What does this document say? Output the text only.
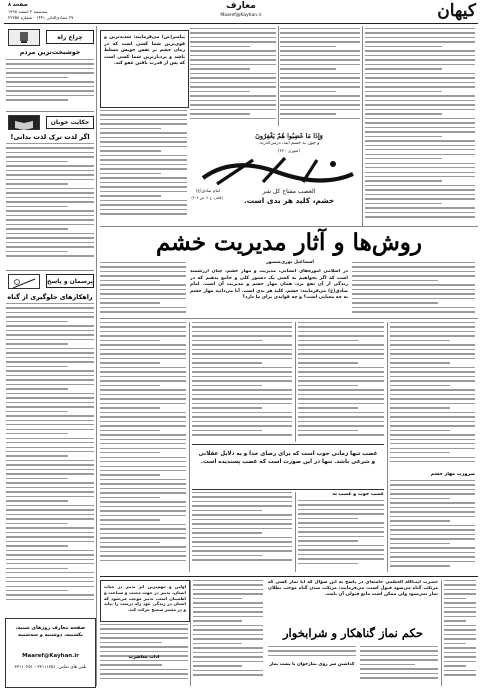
کیهان
معارف
Maaref@Kayhan.ir
صفحه ۸
سه‌شنبه ۲ اسفند ۱۳۹۸
۲۷ جمادی‌الثانی ۱۴۴۱ - شماره ۲۲۳۵۸
چراغ راه
خوشبخت‌ترین مردم
حکایت خوبان
اگر لذت ترک لذت بدانی!
پرسمان و پاسخ
راهکارهای جلوگیری از گناه
صفحه معارف روزهای شنبه، یکشنبه، دوشنبه و سه‌شنبه
Maaref@Kayhan.ir
تلفن های تماس: ۳۳۱۱۱۳۵۱ - ۳۳۱۱۰۲۵۱
پیامبر(ص) می‌فرمایند: شدیدترین و قوی‌ترین شما کسی است که در زمان خشم بر نفس خویش مسلط باشد و بردبارترین شما کسی است که پس از قدرت یافتن عفو کند.
وَإِذَا مَا غَضِبُوا هُمْ يَغْفِرُونَ
و چون به خشم آیند، درمی‌گذرند.
(شوری - ۳۷)
الغضب مفتاح كل شر
خشم، کلید هر بدی است.
امام صادق(ع)
(کافی، ج ۲، ص ۳۰۳)
روش‌ها و آثار مدیریت خشم
اسماعیل نوری‌منصور
در اسلامی آموزه‌های انسانی، مدیریت و مهار خشم، چنان ارزشمند است که اگر بخواهیم به کسی یک دستور کلی و جامع بدهیم که در زندگی از آن نفع برد، همان مهار خشم و مدیریت آن است. امام صادق(ع) می‌فرمایند: خشم، کلید هر بدی است. آیا می‌دانید مهار خشم به چه معنایی است؟ و چه فوایدی برای ما دارد؟
ضرورت مهار خشم
غضب تنها زمانی خوب است که برای رضای خدا و به دلایل عقلانی و شرعی باشد. تنها در این صورت است که غضب پسندیده است.
غضب خوب و غضب بد
اولین و مهم‌ترین اثر تدبیر در حیات انسان، تدبیر در جهت محبت و شناخت و اطمینان است. تدبیر موجب می‌شود که انسان در زندگی خود راه درست را بیابد و در مسیر صحیح حرکت کند.
آداب معاشرت
حضرت آیت‌الله العظمی خامنه‌ای در پاسخ به این سؤال که آیا نماز کسی که مرتکب گناه می‌شود قبول است، می‌فرمایند: مرتکب شدن گناه موجب بطلان نماز نمی‌شود ولی ممکن است مانع قبولی آن باشد.
حکم نماز گناهکار و شرابخوار
گذاشتن سر روی نمازخوان یا پشت نماز
